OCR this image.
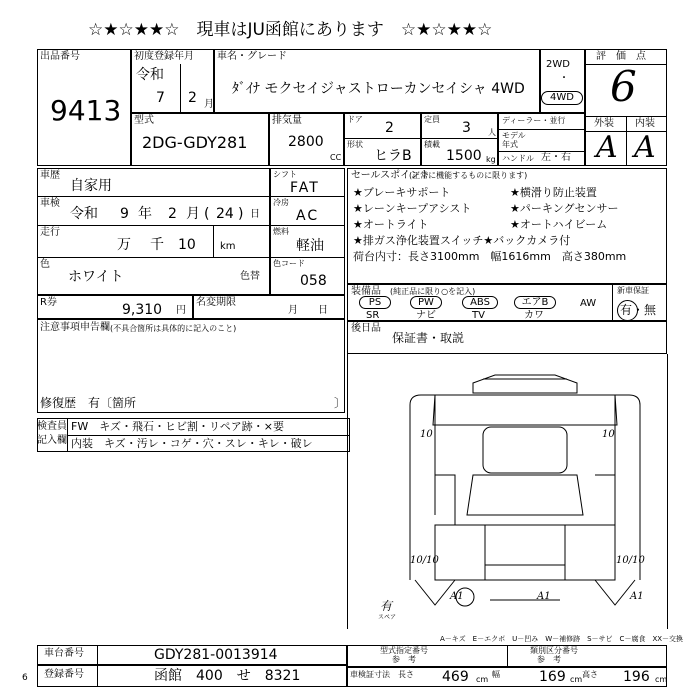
☆★☆★★☆　現車はJU函館にあります　☆★☆★★☆
出品番号
9413
初度登録年月
令和
7 2 月
車名・グレード
ﾀﾞｲﾅ モクセイジャストローカンセイシャ 4WD
2WD
・
4WD
評　価　点
6
外装 内装
A A
型式
2DG-GDY281
排気量
2800
CC
ドア
2
形状
ヒラB
定員
3 人
積載
1500 kg
ディーラー・並行
モデル
年式
ハンドル 左・右
車歴
自家用
車検
令和 9 年 2 月 ( 24 ) 日
走行
万 千 10 km
色
ホワイト	色替
シフト
FAT
冷房
AC
燃料
軽油
色コード
058
R券	9,310 円
名変期限
月 日
注意事項申告欄 (不具合箇所は具体的に記入のこと)
修復歴 有〔箇所	〕
検査員
記入欄
FW　キズ・飛石・ヒビ割・リペア跡・×要
内装　キズ・汚レ・コゲ・穴・スレ・キレ・破レ
セールスポイント
(正常に機能するものに限ります)
★ブレーキサポート	★横滑り防止装置
★レーンキープアシスト	★パーキングセンサー
★オートライト	★オートハイビーム
★排ガス浄化装置スイッチ★バックカメラ付
荷台内寸：長さ3100mm　幅1616mm　高さ380mm
装備品 (純正品に限り○を記入)
PS
SR
PW
ナビ
ABS
TV
エアB
カワ
AW
新車保証
有・無
後日品
保証書・取説
10	10
10/10	10/10
A1	A1	A1
有
スペア
A－キズ　E－エクボ　U－凹み　W－補修跡　S－サビ　C－腐食　XX－交換
車台番号	GDY281-0013914
登録番号	函館　400　せ　8321
型式指定番号
参　考
類別区分番号
参　考
車検証寸法 長さ 469 cm
幅	169 cm
高さ 196 cm
6
